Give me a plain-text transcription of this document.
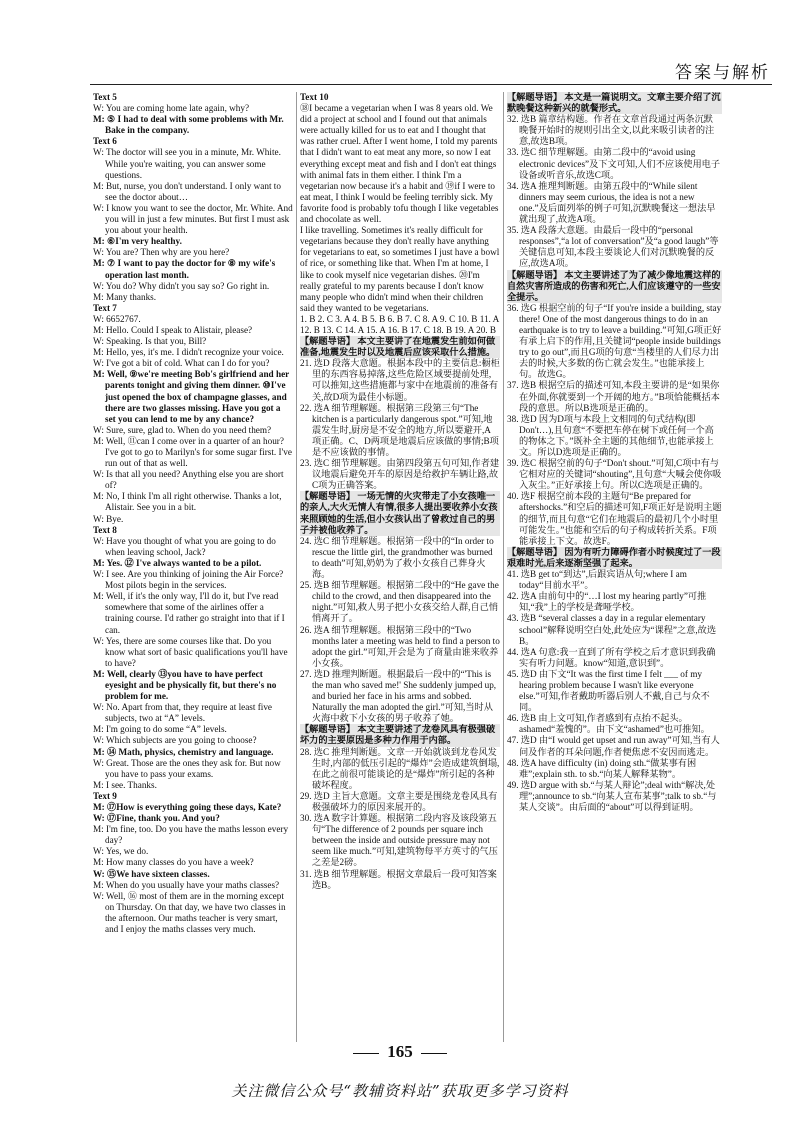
答案与解析

Text 5

W: You are coming home late again, why?

M: ⑤ I had to deal with some problems with Mr. Bake in the company.

Text 6

W: The doctor will see you in a minute, Mr. White. While you're waiting, you can answer some questions.

M: But, nurse, you don't understand. I only want to see the doctor about…

W: I know you want to see the doctor, Mr. White. And you will in just a few minutes. But first I must ask you about your health.

M: ⑥I'm very healthy.

W: You are? Then why are you here?

M: ⑦ I want to pay the doctor for ⑧ my wife's operation last month.

W: You do? Why didn't you say so? Go right in.

M: Many thanks.

Text 7

W: 6652767.

M: Hello. Could I speak to Alistair, please?

W: Speaking. Is that you, Bill?

M: Hello, yes, it's me. I didn't recognize your voice.

W: I've got a bit of cold. What can I do for you?

M: Well, ⑨we're meeting Bob's girlfriend and her parents tonight and giving them dinner. ⑩I've just opened the box of champagne glasses, and there are two glasses missing. Have you got a set you can lend to me by any chance?

W: Sure, sure, glad to. When do you need them?

M: Well, ⑪can I come over in a quarter of an hour? I've got to go to Marilyn's for some sugar first. I've run out of that as well.

W: Is that all you need? Anything else you are short of?

M: No, I think I'm all right otherwise. Thanks a lot, Alistair. See you in a bit.

W: Bye.

Text 8

W: Have you thought of what you are going to do when leaving school, Jack?

M: Yes. ⑫ I've always wanted to be a pilot.

W: I see. Are you thinking of joining the Air Force? Most pilots begin in the services.

M: Well, if it's the only way, I'll do it, but I've read somewhere that some of the airlines offer a training course. I'd rather go straight into that if I can.

W: Yes, there are some courses like that. Do you know what sort of basic qualifications you'll have to have?

M: Well, clearly ⑬you have to have perfect eyesight and be physically fit, but there's no problem for me.

W: No. Apart from that, they require at least five subjects, two at “A” levels.

M: I'm going to do some “A” levels.

W: Which subjects are you going to choose?

M: ⑭ Math, physics, chemistry and language.

W: Great. Those are the ones they ask for. But now you have to pass your exams.

M: I see. Thanks.

Text 9

M: ⑰How is everything going these days, Kate?

W: ⑰Fine, thank you. And you?

M: I'm fine, too. Do you have the maths lesson every day?

W: Yes, we do.

M: How many classes do you have a week?

W: ⑮We have sixteen classes.

M: When do you usually have your maths classes?

W: Well, ⑯ most of them are in the morning except on Thursday. On that day, we have two classes in the afternoon. Our maths teacher is very smart, and I enjoy the maths classes very much.

Text 10

⑱I became a vegetarian when I was 8 years old. We did a project at school and I found out that animals were actually killed for us to eat and I thought that was rather cruel. After I went home, I told my parents that I didn't want to eat meat any more, so now I eat everything except meat and fish and I don't eat things with animal fats in them either. I think I'm a vegetarian now because it's a habit and ⑲if I were to eat meat, I think I would be feeling terribly sick. My favorite food is probably tofu though I like vegetables and chocolate as well.

I like travelling. Sometimes it's really difficult for vegetarians because they don't really have anything for vegetarians to eat, so sometimes I just have a bowl of rice, or something like that. When I'm at home, I like to cook myself nice vegetarian dishes. ⑳I'm really grateful to my parents because I don't know many people who didn't mind when their children said they wanted to be vegetarians.

1. B 2. C 3. A 4. B 5. B 6. B 7. C 8. A 9. C 10. B 11. A 12. B 13. C 14. A 15. A 16. B 17. C 18. B 19. A 20. B

【解题导语】 本文主要讲了在地震发生前如何做准备,地震发生时以及地震后应该采取什么措施。

21. 选D 段落大意题。根据本段中的主要信息:橱柜里的东西容易掉落,这些危险区域要提前处理,可以推知,这些措施都与家中在地震前的准备有关,故D项为最佳小标题。

22. 选A 细节理解题。根据第三段第三句“The kitchen is a particularly dangerous spot.”可知,地震发生时,厨房是不安全的地方,所以要避开,A项正确。C、D两项是地震后应该做的事情;B项是不应该做的事情。

23. 选C 细节理解题。由第四段第五句可知,作者建议地震后避免开车的原因是给救护车辆让路,故C项为正确答案。

【解题导语】 一场无情的火灾带走了小女孩唯一的亲人,大火无情人有情,很多人提出要收养小女孩来照顾她的生活,但小女孩认出了曾救过自己的男子并被他收养了。

24. 选C 细节理解题。根据第一段中的“In order to rescue the little girl, the grandmother was burned to death”可知,奶奶为了救小女孩自己葬身火海。

25. 选B 细节理解题。根据第二段中的“He gave the child to the crowd, and then disappeared into the night.”可知,救人男子把小女孩交给人群,自己悄悄离开了。

26. 选A 细节理解题。根据第三段中的“Two months later a meeting was held to find a person to adopt the girl.”可知,开会是为了商量由谁来收养小女孩。

27. 选D 推理判断题。根据最后一段中的“'This is the man who saved me!' She suddenly jumped up, and buried her face in his arms and sobbed. Naturally the man adopted the girl.”可知,当时从火海中救下小女孩的男子收养了她。

【解题导语】 本文主要讲述了龙卷风具有极强破坏力的主要原因是多种力作用于内部。

28. 选C 推理判断题。文章一开始就谈到龙卷风发生时,内部的低压引起的“爆炸”会造成建筑倒塌,在此之前很可能谈论的是“爆炸”所引起的各种破坏程度。

29. 选D 主旨大意题。文章主要是围绕龙卷风具有极强破坏力的原因来展开的。

30. 选A 数字计算题。根据第二段内容及该段第五句“The difference of 2 pounds per square inch between the inside and outside pressure may not seem like much.”可知,建筑物每平方英寸的气压之差是2磅。

31. 选B 细节理解题。根据文章最后一段可知答案选B。

【解题导语】 本文是一篇说明文。文章主要介绍了沉默晚餐这种新兴的就餐形式。

32. 选B 篇章结构题。作者在文章首段通过两条沉默晚餐开始时的规则引出全文,以此来吸引读者的注意,故选B项。

33. 选C 细节理解题。由第二段中的“avoid using electronic devices”及下文可知,人们不应该使用电子设备或听音乐,故选C项。

34. 选A 推理判断题。由第五段中的“While silent dinners may seem curious, the idea is not a new one.”及后面列举的例子可知,沉默晚餐这一想法早就出现了,故选A项。

35. 选A 段落大意题。由最后一段中的“personal responses”,“a lot of conversation”及“a good laugh”等关键信息可知,本段主要谈论人们对沉默晚餐的反应,故选A项。

【解题导语】 本文主要讲述了为了减少像地震这样的自然灾害所造成的伤害和死亡,人们应该遵守的一些安全提示。

36. 选G 根据空前的句子“If you're inside a building, stay there! One of the most dangerous things to do in an earthquake is to try to leave a building.”可知,G项正好有承上启下的作用,且关键词“people inside buildings try to go out”,而且G项的句意“当楼里的人们尽力出去的时候,大多数的伤亡就会发生。”也能承接上句。故选G。

37. 选B 根据空后的描述可知,本段主要讲的是“如果你在外面,你就要到一个开阔的地方。”B项恰能概括本段的意思。所以B选项是正确的。

38. 选D 因为D项与本段上文相同的句式结构(即Don't…),且句意“不要把车停在树下或任何一个高的物体之下。”既补全主题的其他细节,也能承接上文。所以D选项是正确的。

39. 选C 根据空前的句子“Don't shout.”可知,C项中有与它相对应的关键词“shouting”,且句意“大喊会使你吸入灰尘。”正好承接上句。所以C选项是正确的。

40. 选F 根据空前本段的主题句“Be prepared for aftershocks.”和空后的描述可知,F项正好是说明主题的细节,而且句意“它们在地震后的最初几个小时里可能发生。”也能和空后的句子构成转折关系。F项能承接上下文。故选F。

【解题导语】 因为有听力障碍作者小时候度过了一段艰难时光,后来逐渐坚强了起来。

41. 选B get to“到达”,后跟宾语从句;where I am today“目前水平”。

42. 选A 由前句中的“…I lost my hearing partly”可推知,“我”上的学校是聋哑学校。

43. 选B “several classes a day in a regular elementary school”解释说明空白处,此处应为“课程”之意,故选B。

44. 选A 句意:我一直到了所有学校之后才意识到我确实有听力问题。know“知道,意识到”。

45. 选D 由下文“It was the first time I felt ___ of my hearing problem because I wasn't like everyone else.”可知,作者戴助听器后别人不戴,自己与众不同。

46. 选B 由上文可知,作者感到有点抬不起头。ashamed“羞愧的”。由下文“ashamed”也可推知。

47. 选D 由“I would get upset and run away”可知,当有人问及作者的耳朵问题,作者便焦虑不安因而逃走。

48. 选A have difficulty (in) doing sth.“做某事有困难”;explain sth. to sb.“向某人解释某物”。

49. 选D argue with sb.“与某人辩论”;deal with“解决,处理”;announce to sb.“向某人宣布某事”;talk to sb.“与某人交谈”。由后面的“about”可以得到证明。

165
关注微信公众号“教辅资料站”获取更多学习资料
